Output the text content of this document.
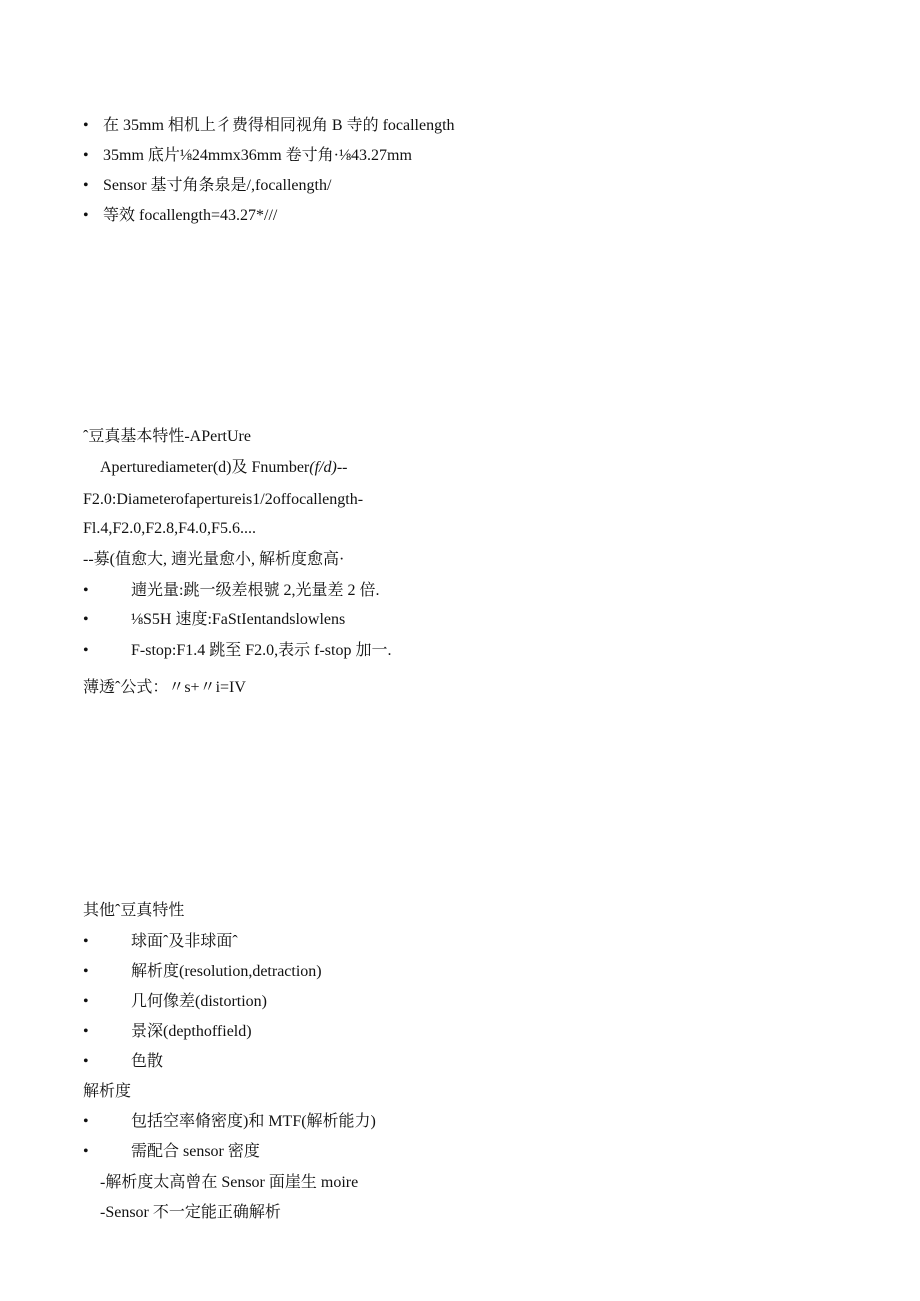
• 在 35mm 相机上彳费得相同视角 B 寺的 focallength
• 35mm 底片⅛24mmx36mm 卷寸角·⅛43.27mm
• Sensor 基寸角条泉是/,focallength/
• 等效 focallength=43.27*///
ˆ豆真基本特性-APertUre
Aperturediameter(d)及 Fnumber(f/d)--
F2.0:Diameterofapertureis1/2offocallength-
Fl.4,F2.0,F2.8,F4.0,F5.6....
--募(值愈大, 遖光量愈小, 解析度愈高·
•	遖光量:跳一级差根號 2,光量差 2 倍.
•	⅛S5H 速度:FaStIentandslowlens
•	F-stop:F1.4 跳至 F2.0,表示 f-stop 加一.
薄透ˆ公式：〃s+〃i=IV
其他ˆ豆真特性
•	球面ˆ及非球面ˆ
•	解析度(resolution,detraction)
•	几何像差(distortion)
•	景深(depthoffield)
•	色散
解析度
•	包括空率脩密度)和 MTF(解析能力)
•	需配合 sensor 密度
-解析度太高曾在 Sensor 面崖生 moire
-Sensor 不一定能正确解析
